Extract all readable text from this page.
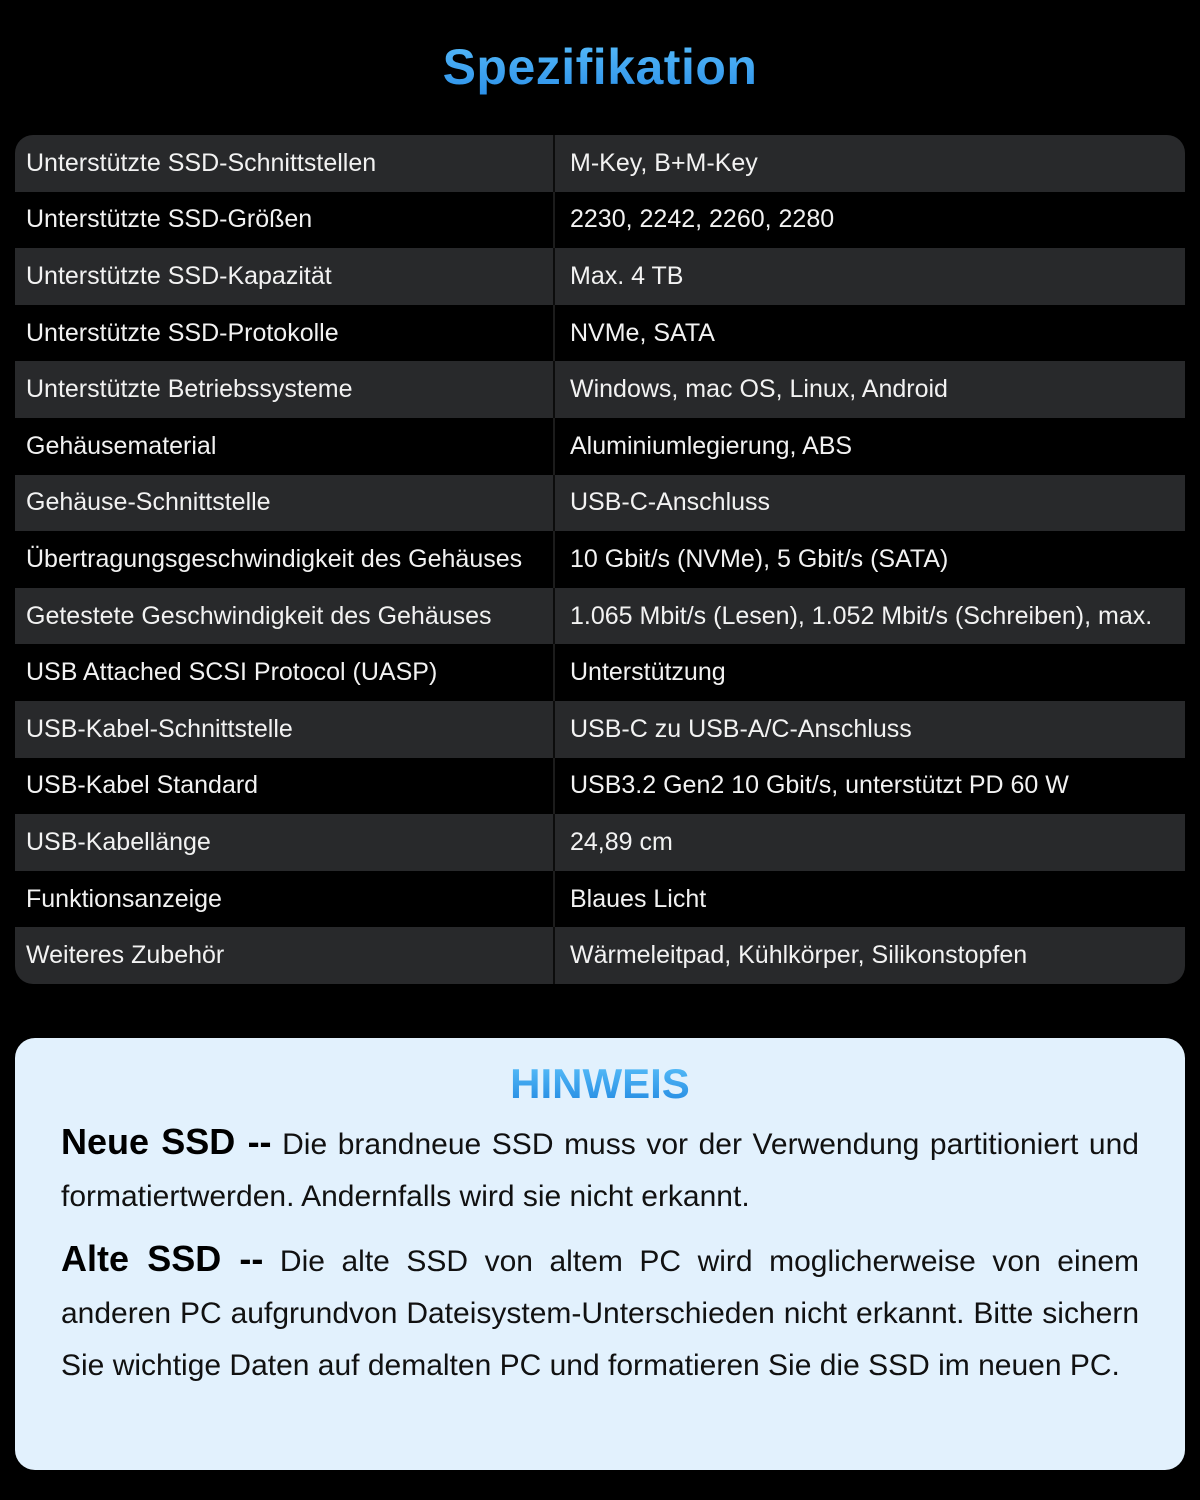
Spezifikation
Unterstützte SSD-Schnittstellen	M-Key, B+M-Key
Unterstützte SSD-Größen	2230, 2242, 2260, 2280
Unterstützte SSD-Kapazität	Max. 4 TB
Unterstützte SSD-Protokolle	NVMe, SATA
Unterstützte Betriebssysteme	Windows, mac OS, Linux, Android
Gehäusematerial	Aluminiumlegierung, ABS
Gehäuse-Schnittstelle	USB-C-Anschluss
Übertragungsgeschwindigkeit des Gehäuses	10 Gbit/s (NVMe), 5 Gbit/s (SATA)
Getestete Geschwindigkeit des Gehäuses	1.065 Mbit/s (Lesen), 1.052 Mbit/s (Schreiben), max.
USB Attached SCSI Protocol (UASP)	Unterstützung
USB-Kabel-Schnittstelle	USB-C zu USB-A/C-Anschluss
USB-Kabel Standard	USB3.2 Gen2 10 Gbit/s, unterstützt PD 60 W
USB-Kabellänge	24,89 cm
Funktionsanzeige	Blaues Licht
Weiteres Zubehör	Wärmeleitpad, Kühlkörper, Silikonstopfen
HINWEIS

Neue SSD -- Die brandneue SSD muss vor der Verwendung partitioniert und formatiertwerden. Andernfalls wird sie nicht erkannt.

Alte SSD -- Die alte SSD von altem PC wird moglicherweise von einem anderen PC aufgrundvon Dateisystem-Unterschieden nicht erkannt. Bitte sichern Sie wichtige Daten auf demalten PC und formatieren Sie die SSD im neuen PC.
